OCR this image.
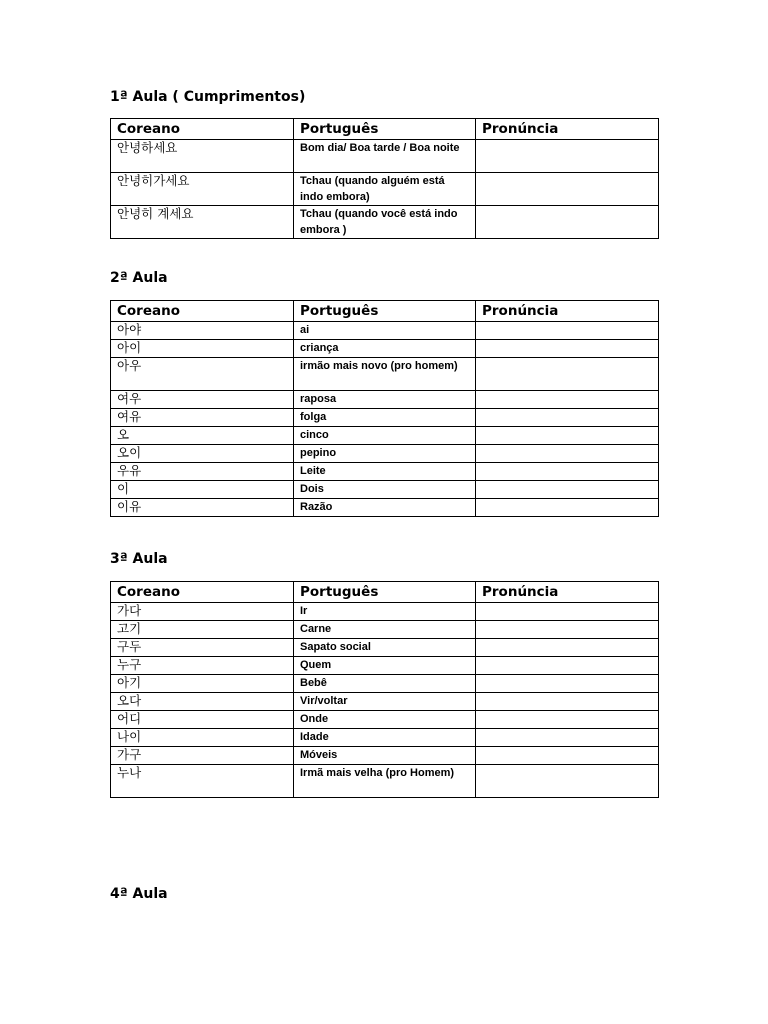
1ª Aula ( Cumprimentos)
Coreano	Português	Pronúncia
안녕하세요	Bom dia/ Boa tarde / Boa noite	
안녕히가세요	Tchau (quando alguém está indo embora)	
안녕히 계세요	Tchau (quando você está indo embora )	
2ª Aula
Coreano	Português	Pronúncia
아야	ai	
아이	criança	
아우	irmão mais novo (pro homem)	
여우	raposa	
여유	folga	
오	cinco	
오이	pepino	
우유	Leite	
이	Dois	
이유	Razão	
3ª Aula
Coreano	Português	Pronúncia
가다	Ir	
고기	Carne	
구두	Sapato social	
누구	Quem	
아기	Bebê	
오다	Vir/voltar	
어디	Onde	
나이	Idade	
가구	Móveis	
누나	Irmã mais velha (pro Homem)	
4ª Aula
